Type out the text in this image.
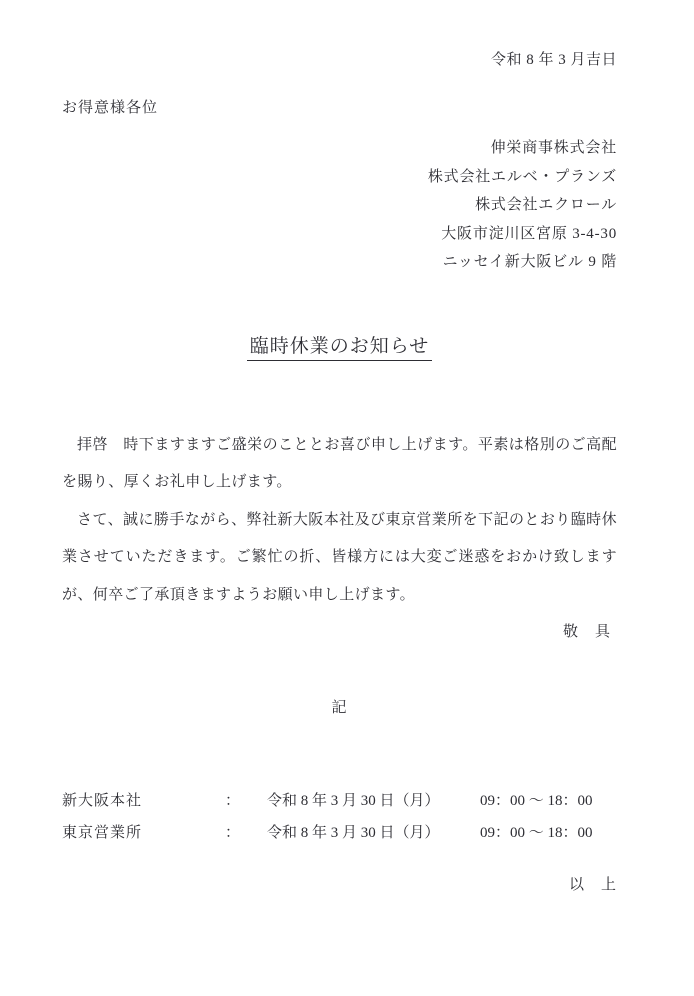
令和 8 年 3 月吉日
お得意様各位
伸栄商事株式会社
株式会社エルベ・プランズ
株式会社エクロール
大阪市淀川区宮原 3-4-30
ニッセイ新大阪ビル 9 階
臨時休業のお知らせ

拝啓　時下ますますご盛栄のこととお喜び申し上げます。平素は格別のご高配を賜り、厚くお礼申し上げます。

さて、誠に勝手ながら、弊社新大阪本社及び東京営業所を下記のとおり臨時休業させていただきます。ご繁忙の折、皆様方には大変ご迷惑をおかけ致しますが、何卒ご了承頂きますようお願い申し上げます。

敬　具
記
新大阪本社	：	令和 8 年 3 月 30 日（月）	09：00 ～ 18：00
東京営業所	：	令和 8 年 3 月 30 日（月）	09：00 ～ 18：00
以　上
